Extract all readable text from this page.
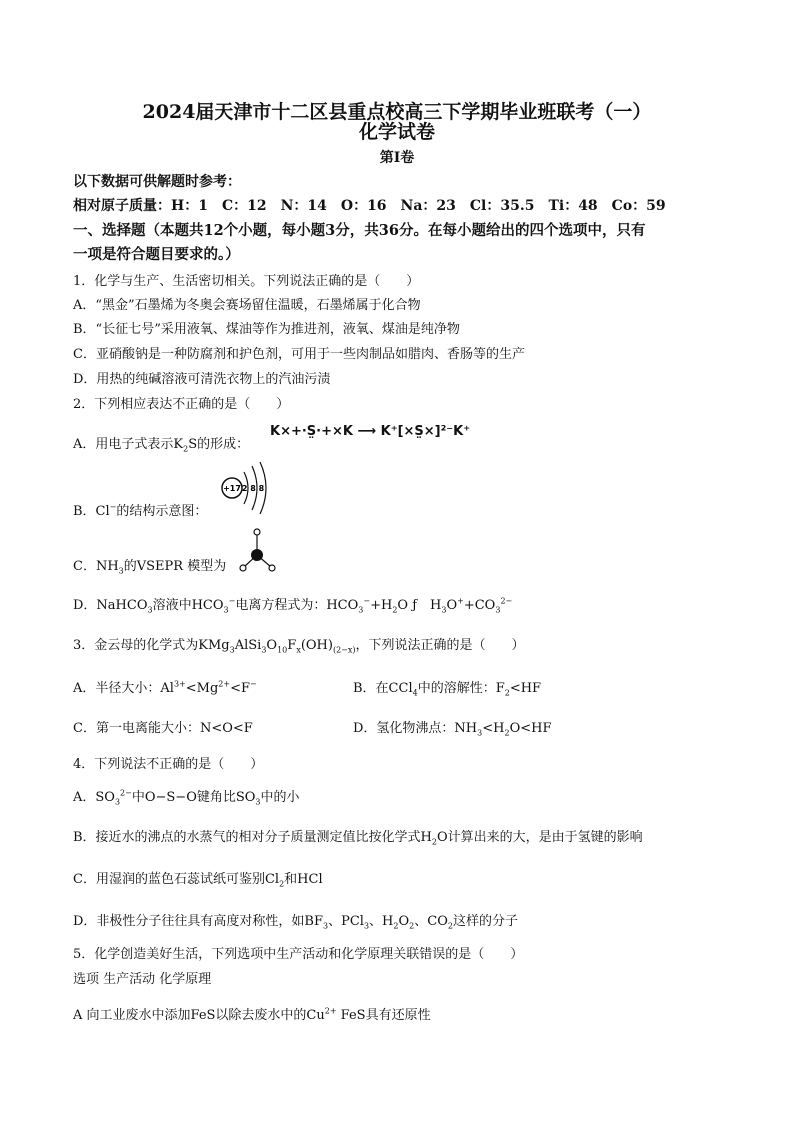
2024届天津市十二区县重点校高三下学期毕业班联考（一）
化学试卷
第Ⅰ卷
以下数据可供解题时参考：
相对原子质量：H：1　C：12　N：14　O：16　Na：23　Cl：35.5　Ti：48　Co：59
一、选择题（本题共12个小题，每小题3分，共36分。在每小题给出的四个选项中，只有
一项是符合题目要求的。）
1．化学与生产、生活密切相关。下列说法正确的是（　　）
A．“黑金”石墨烯为冬奥会赛场留住温暖，石墨烯属于化合物
B．“长征七号”采用液氧、煤油等作为推进剂，液氧、煤油是纯净物
C．亚硝酸钠是一种防腐剂和护色剂，可用于一些肉制品如腊肉、香肠等的生产
D．用热的纯碱溶液可清洗衣物上的汽油污渍
2．下列相应表达不正确的是（　　）
A．用电子式表示$K_2S$的形成：
K×+·S̤·+×K ⟶ K⁺[×S̤×]²⁻K⁺
B．Cl−的结构示意图：
+17 2 8 8
C．$NH_3$的VSEPR 模型为
D．NaHCO$_3$溶液中$HCO_3^-$电离方程式为：$HCO_3^-+H_2O$ ƒ　$H_3O^++CO_3^{2-}$
3．金云母的化学式为$KMg_3AlSi_3O_{10}F_x(OH)_{(2-x)}$，下列说法正确的是（　　）
A．半径大小：$Al^{3+}<Mg^{2+}<F^-$	B．在CCl$_4$中的溶解性：$F_2<HF$
C．第一电离能大小：N<O<F	D．氢化物沸点：$NH_3<H_2O<HF$
4．下列说法不正确的是（　　）
A．$SO_3^{2-}$中O−S−O键角比$SO_3$中的小
B．接近水的沸点的水蒸气的相对分子质量测定值比按化学式$H_2O$计算出来的大，是由于氢键的影响
C．用湿润的蓝色石蕊试纸可鉴别$Cl_2$和HCl
D．非极性分子往往具有高度对称性，如$BF_3$、PCl$_3$、$H_2O_2$、$CO_2$这样的分子
5．化学创造美好生活，下列选项中生产活动和化学原理关联错误的是（　　）
选项 生产活动 化学原理
A 向工业废水中添加FeS以除去废水中的$Cu^{2+}$ FeS具有还原性
